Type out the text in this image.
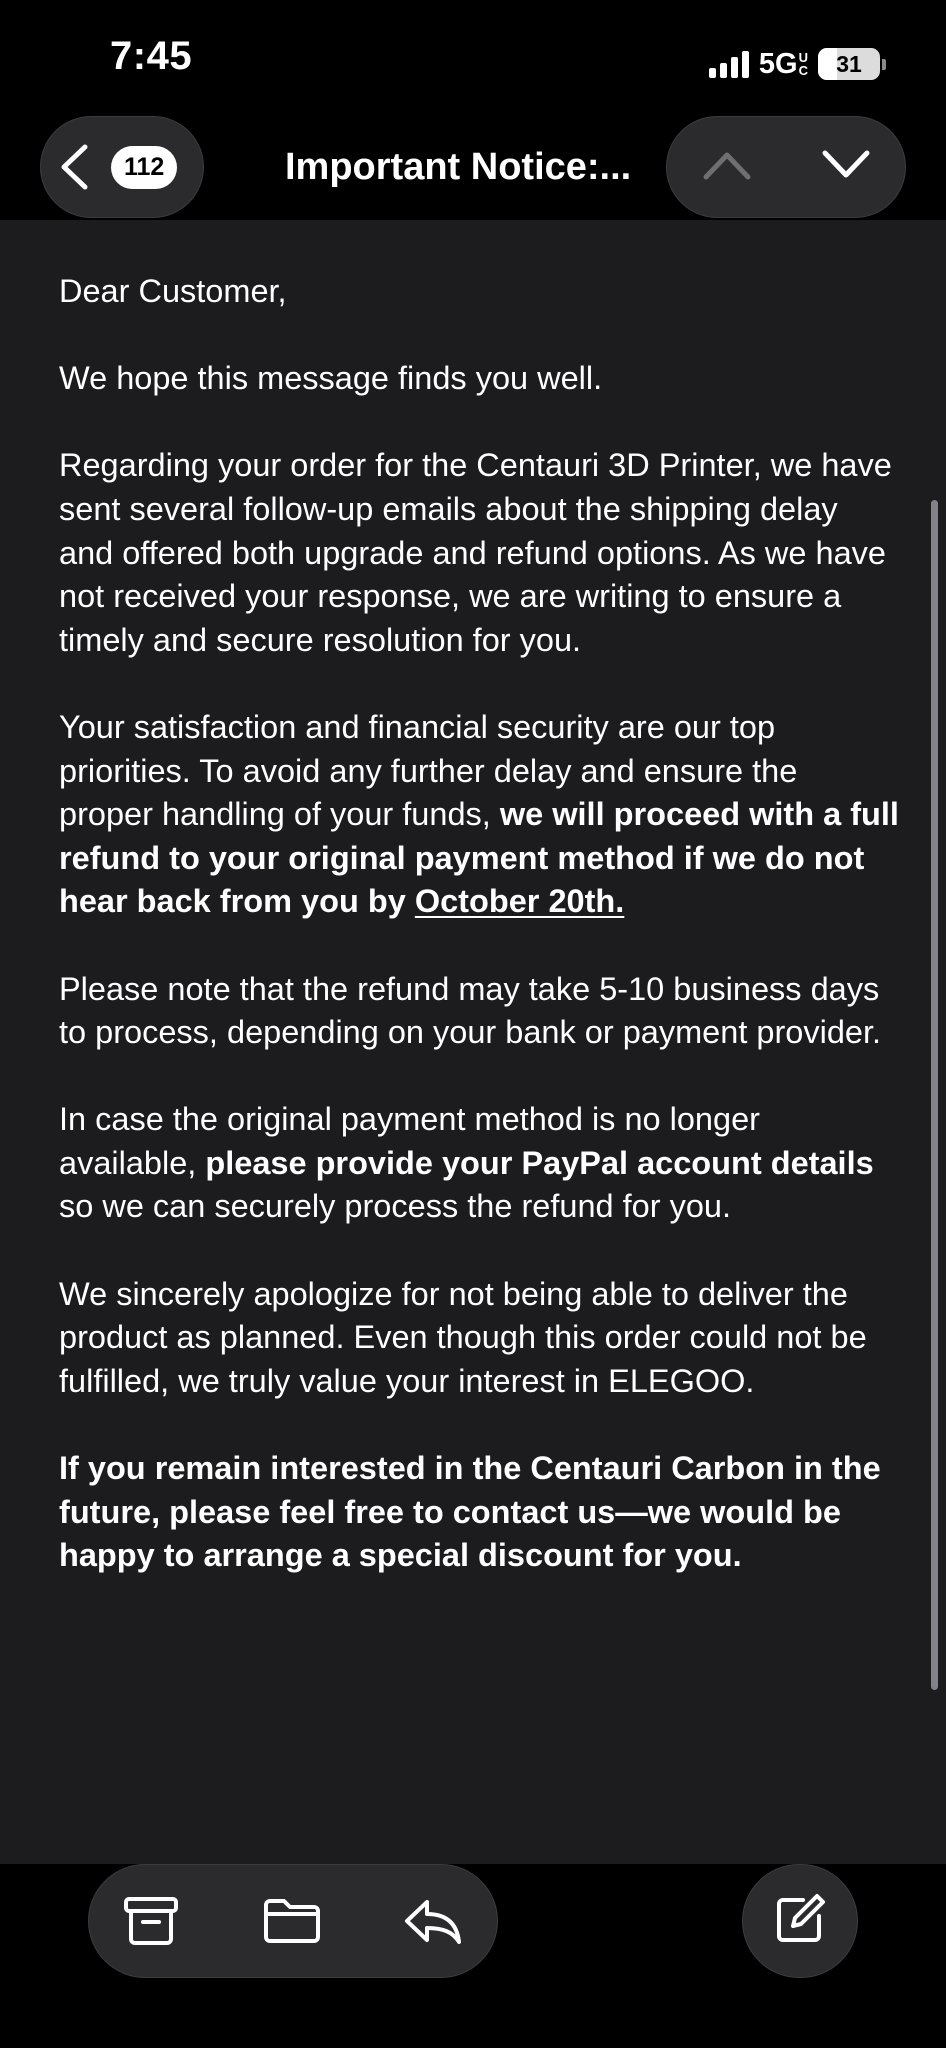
7:45	5G U
C 31
112	Important Notice:...

Dear Customer,

We hope this message finds you well.

Regarding your order for the Centauri 3D Printer, we have sent several follow-up emails about the shipping delay and offered both upgrade and refund options. As we have not received your response, we are writing to ensure a timely and secure resolution for you.

Your satisfaction and financial security are our top priorities. To avoid any further delay and ensure the proper handling of your funds, we will proceed with a full refund to your original payment method if we do not hear back from you by October 20th.

Please note that the refund may take 5-10 business days to process, depending on your bank or payment provider.

In case the original payment method is no longer available, please provide your PayPal account details so we can securely process the refund for you.

We sincerely apologize for not being able to deliver the product as planned. Even though this order could not be fulfilled, we truly value your interest in ELEGOO.

If you remain interested in the Centauri Carbon in the future, please feel free to contact us—we would be happy to arrange a special discount for you.
